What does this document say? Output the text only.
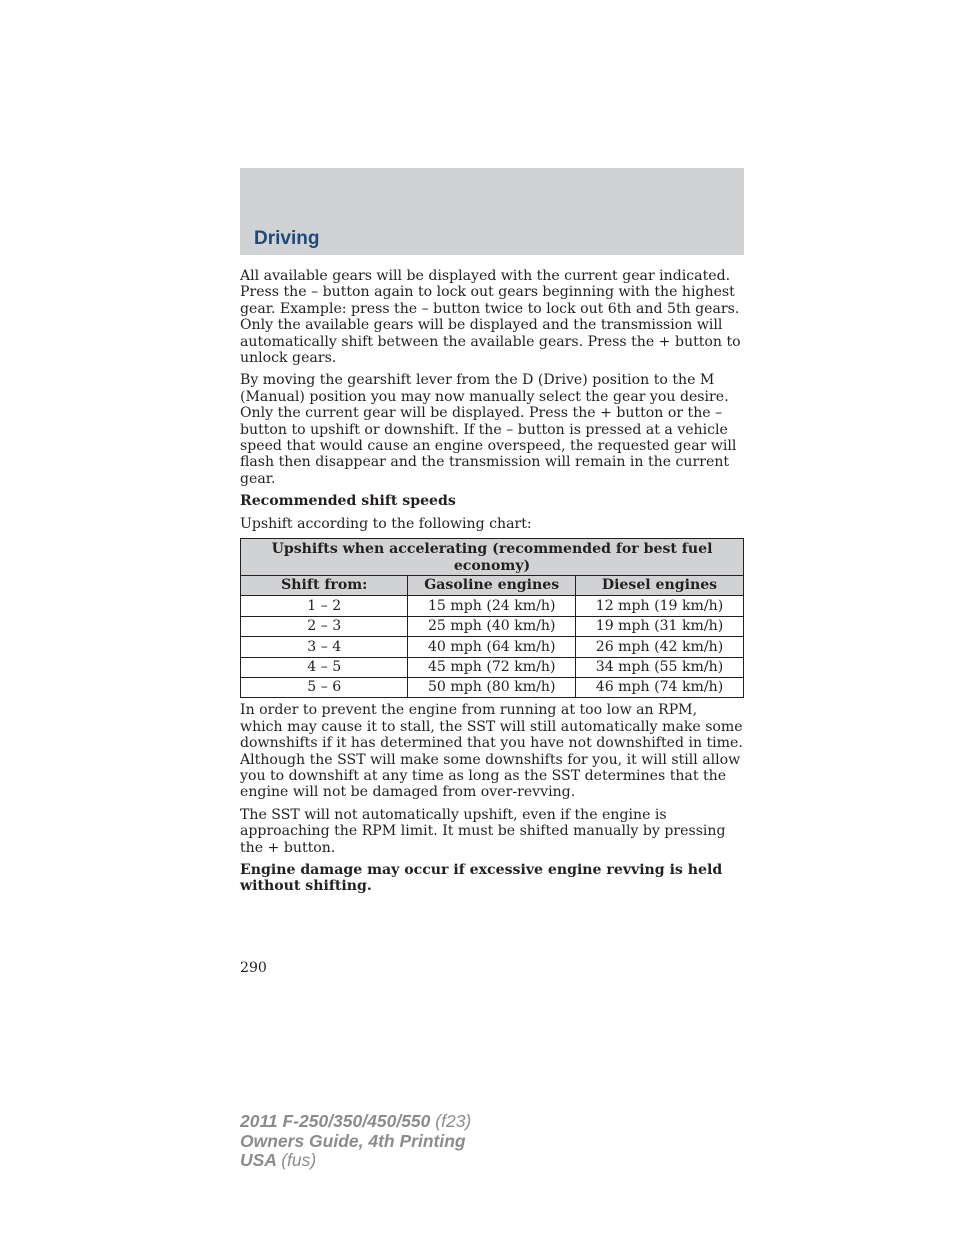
Driving

All available gears will be displayed with the current gear indicated. Press the – button again to lock out gears beginning with the highest gear. Example: press the – button twice to lock out 6th and 5th gears. Only the available gears will be displayed and the transmission will automatically shift between the available gears. Press the + button to unlock gears.

By moving the gearshift lever from the D (Drive) position to the M (Manual) position you may now manually select the gear you desire. Only the current gear will be displayed. Press the + button or the – button to upshift or downshift. If the – button is pressed at a vehicle speed that would cause an engine overspeed, the requested gear will flash then disappear and the transmission will remain in the current gear.

Recommended shift speeds

Upshift according to the following chart:

Upshifts when accelerating (recommended for best fuel economy)		
Shift from:	Gasoline engines	Diesel engines
1 – 2	15 mph (24 km/h)	12 mph (19 km/h)
2 – 3	25 mph (40 km/h)	19 mph (31 km/h)
3 – 4	40 mph (64 km/h)	26 mph (42 km/h)
4 – 5	45 mph (72 km/h)	34 mph (55 km/h)
5 – 6	50 mph (80 km/h)	46 mph (74 km/h)

In order to prevent the engine from running at too low an RPM, which may cause it to stall, the SST will still automatically make some downshifts if it has determined that you have not downshifted in time. Although the SST will make some downshifts for you, it will still allow you to downshift at any time as long as the SST determines that the engine will not be damaged from over-revving.

The SST will not automatically upshift, even if the engine is approaching the RPM limit. It must be shifted manually by pressing the + button.

Engine damage may occur if excessive engine revving is held without shifting.

290
2011 F-250/350/450/550 (f23)
Owners Guide, 4th Printing
USA (fus)
